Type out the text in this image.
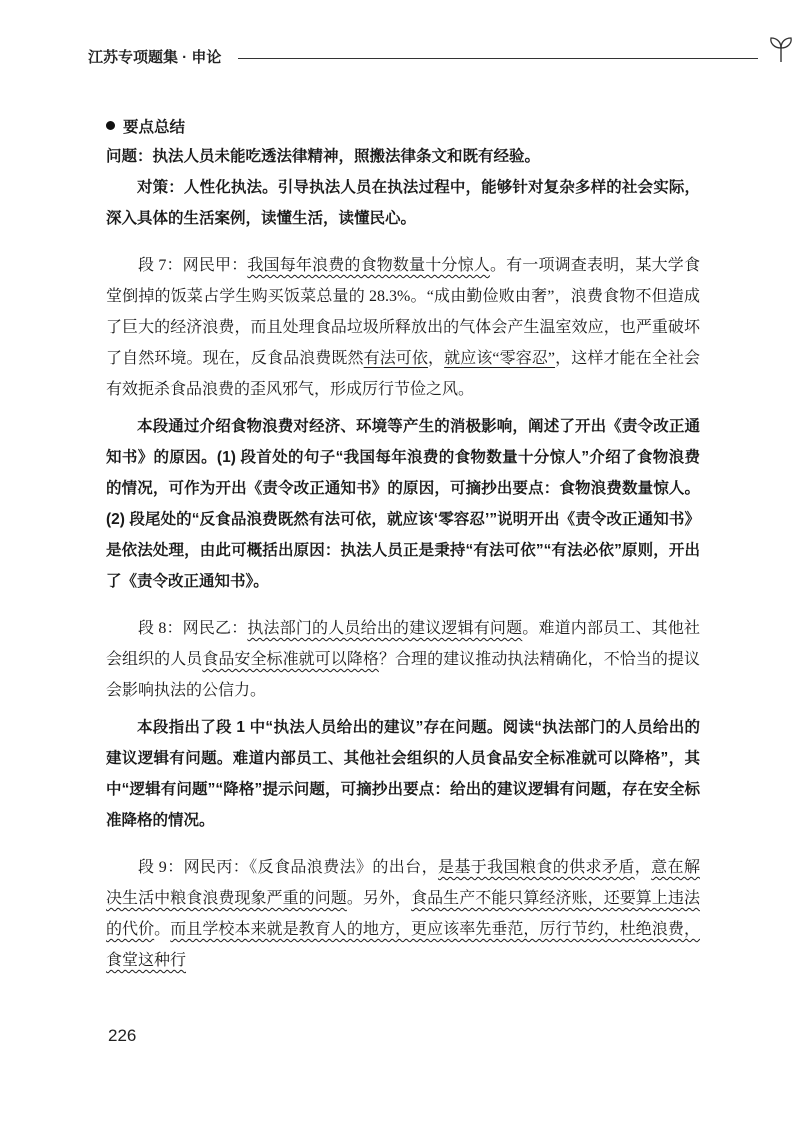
江苏专项题集 · 申论
要点总结

问题：执法人员未能吃透法律精神，照搬法律条文和既有经验。

对策：人性化执法。引导执法人员在执法过程中，能够针对复杂多样的社会实际，深入具体的生活案例，读懂生活，读懂民心。

段 7：网民甲：我国每年浪费的食物数量十分惊人。有一项调查表明，某大学食堂倒掉的饭菜占学生购买饭菜总量的 28.3%。“成由勤俭败由奢”，浪费食物不但造成了巨大的经济浪费，而且处理食品垃圾所释放出的气体会产生温室效应，也严重破坏了自然环境。现在，反食品浪费既然有法可依，就应该“零容忍”，这样才能在全社会有效扼杀食品浪费的歪风邪气，形成厉行节俭之风。

本段通过介绍食物浪费对经济、环境等产生的消极影响，阐述了开出《责令改正通知书》的原因。(1) 段首处的句子“我国每年浪费的食物数量十分惊人”介绍了食物浪费的情况，可作为开出《责令改正通知书》的原因，可摘抄出要点：食物浪费数量惊人。(2) 段尾处的“反食品浪费既然有法可依，就应该‘零容忍’”说明开出《责令改正通知书》是依法处理，由此可概括出原因：执法人员正是秉持“有法可依”“有法必依”原则，开出了《责令改正通知书》。

段 8：网民乙：执法部门的人员给出的建议逻辑有问题。难道内部员工、其他社会组织的人员食品安全标准就可以降格？合理的建议推动执法精确化，不恰当的提议会影响执法的公信力。

本段指出了段 1 中“执法人员给出的建议”存在问题。阅读“执法部门的人员给出的建议逻辑有问题。难道内部员工、其他社会组织的人员食品安全标准就可以降格”，其中“逻辑有问题”“降格”提示问题，可摘抄出要点：给出的建议逻辑有问题，存在安全标准降格的情况。

段 9：网民丙：《反食品浪费法》的出台，是基于我国粮食的供求矛盾，意在解决生活中粮食浪费现象严重的问题。另外，食品生产不能只算经济账，还要算上违法的代价。而且学校本来就是教育人的地方，更应该率先垂范，厉行节约，杜绝浪费，食堂这种行

226
